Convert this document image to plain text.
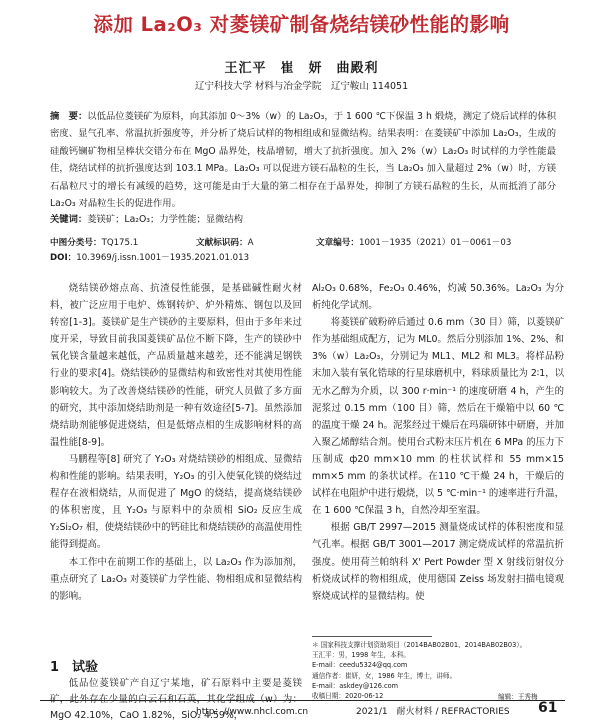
添加 La₂O₃ 对菱镁矿制备烧结镁砂性能的影响
王汇平　崔　妍　曲殿利
辽宁科技大学 材料与冶金学院　辽宁鞍山 114051
摘　要：以低品位菱镁矿为原料，向其添加 0～3%（w）的 La₂O₃，于 1 600 ℃下保温 3 h 煅烧，测定了烧后试样的体积密度、显气孔率、常温抗折强度等，并分析了烧后试样的物相组成和显微结构。结果表明：在菱镁矿中添加 La₂O₃，生成的硅酸钙镧矿物相呈棒状交错分布在 MgO 晶界处，枝晶增韧，增大了抗折强度。加入 2%（w）La₂O₃ 时试样的力学性能最佳，烧结试样的抗折强度达到 103.1 MPa。La₂O₃ 可以促进方镁石晶粒的生长，当 La₂O₃ 加入量超过 2%（w）时，方镁石晶粒尺寸的增长有减缓的趋势，这可能是由于大量的第二相存在于晶界处，抑制了方镁石晶粒的生长，从而抵消了部分 La₂O₃ 对晶粒生长的促进作用。
关键词：菱镁矿；La₂O₃；力学性能；显微结构
中图分类号：TQ175.1	文献标识码：A	文章编号：1001－1935（2021）01－0061－03
DOI：10.3969/j.issn.1001－1935.2021.01.013

烧结镁砂熔点高、抗渣侵性能强，是基础碱性耐火材料，被广泛应用于电炉、炼钢转炉、炉外精炼、钢包以及回转窑[1-3]。菱镁矿是生产镁砂的主要原料，但由于多年来过度开采，导致目前我国菱镁矿品位不断下降，生产的镁砂中氧化镁含量越来越低，产品质量越来越差，还不能满足钢铁行业的要求[4]。烧结镁砂的显微结构和致密性对其使用性能影响较大。为了改善烧结镁砂的性能，研究人员做了多方面的研究，其中添加烧结助剂是一种有效途径[5-7]。虽然添加烧结助剂能够促进烧结，但是低熔点相的生成影响材料的高温性能[8-9]。

马鹏程等[8] 研究了 Y₂O₃ 对烧结镁砂的相组成、显微结构和性能的影响。结果表明，Y₂O₃ 的引入使氧化镁的烧结过程存在液相烧结，从而促进了 MgO 的烧结，提高烧结镁砂的体积密度，且 Y₂O₃ 与原料中的杂质相 SiO₂ 反应生成 Y₂Si₂O₇ 相，使烧结镁砂中的钙硅比和烧结镁砂的高温使用性能得到提高。

本工作中在前期工作的基础上，以 La₂O₃ 作为添加剂，重点研究了 La₂O₃ 对菱镁矿力学性能、物相组成和显微结构的影响。

1　试验

低品位菱镁矿产自辽宁某地，矿石原料中主要是菱镁矿，此外存在少量的白云石和石英，其化学组成（w）为：MgO 42.10%，CaO 1.82%，SiO₂ 4.59%，

Al₂O₃ 0.68%，Fe₂O₃ 0.46%，灼减 50.36%。La₂O₃ 为分析纯化学试剂。

将菱镁矿破粉碎后通过 0.6 mm（30 目）筛，以菱镁矿作为基础组成配方，记为 ML0。然后分别添加 1%、2%、和 3%（w）La₂O₃，分别记为 ML1、ML2 和 ML3。将样品粉末加入装有氧化锆球的行星球磨机中，料球质量比为 2∶1，以无水乙醇为介质，以 300 r·min⁻¹ 的速度研磨 4 h，产生的泥浆过 0.15 mm（100 目）筛，然后在干燥箱中以 60 ℃ 的温度干燥 24 h。泥浆经过干燥后在玛瑙研钵中研磨，并加入聚乙烯醇结合剂。使用台式粉末压片机在 6 MPa 的压力下压制成 ф20 mm×10 mm 的柱状试样和 55 mm×15 mm×5 mm 的条状试样。在110 ℃干燥 24 h，干燥后的试样在电阻炉中进行煅烧，以 5 ℃·min⁻¹ 的速率进行升温，在 1 600 ℃保温 3 h，自然冷却至室温。

根据 GB/T 2997—2015 测量烧成试样的体积密度和显气孔率。根据 GB/T 3001—2017 测定烧成试样的常温抗折强度。使用荷兰帕纳科 X' Pert Powder 型 X 射线衍射仪分析烧成试样的物相组成，使用德国 Zeiss 场发射扫描电镜观察烧成试样的显微结构。使

＊ 国家科技支撑计划资助项目（2014BAB02B01、2014BAB02B03）。
王汇平：男，1998 年生，本科。
E-mail：ceedu5324@qq.com
通信作者：崔妍，女，1986 年生，博士，讲师。
E-mail：askdey@126.com
收稿日期：2020-06-12
http：//www.nhcl.com.cn	2021/1　耐火材料 / REFRACTORIES 61
编辑：王秀梅
